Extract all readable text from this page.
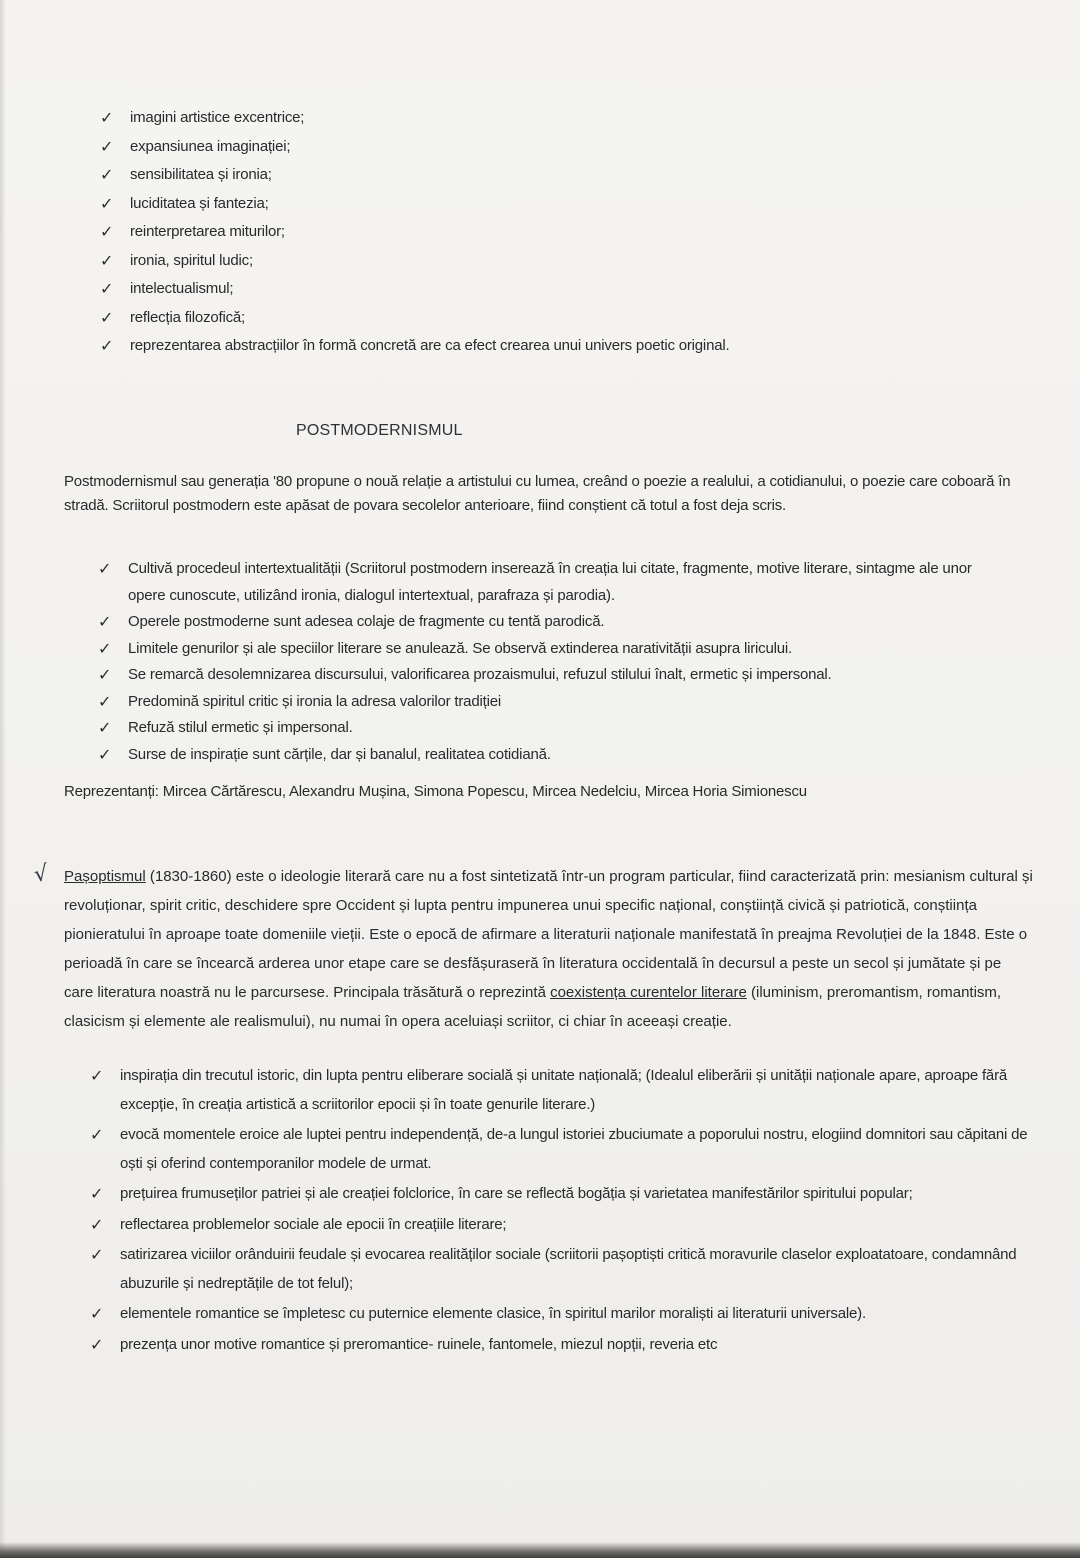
✓ imagini artistice excentrice;
✓ expansiunea imaginației;
✓ sensibilitatea și ironia;
✓ luciditatea și fantezia;
✓ reinterpretarea miturilor;
✓ ironia, spiritul ludic;
✓ intelectualismul;
✓ reflecția filozofică;
✓ reprezentarea abstracțiilor în formă concretă are ca efect crearea unui univers poetic original.
POSTMODERNISMUL

Postmodernismul sau generația '80 propune o nouă relație a artistului cu lumea, creând o poezie a realului, a cotidianului, o poezie care coboară în stradă. Scriitorul postmodern este apăsat de povara secolelor anterioare, fiind conștient că totul a fost deja scris.

✓ Cultivă procedeul intertextualității (Scriitorul postmodern inserează în creația lui citate, fragmente, motive literare, sintagme ale unor opere cunoscute, utilizând ironia, dialogul intertextual, parafraza și parodia).
✓ Operele postmoderne sunt adesea colaje de fragmente cu tentă parodică.
✓ Limitele genurilor și ale speciilor literare se anulează. Se observă extinderea narativității asupra liricului.
✓ Se remarcă desolemnizarea discursului, valorificarea prozaismului, refuzul stilului înalt, ermetic și impersonal.
✓ Predomină spiritul critic și ironia la adresa valorilor tradiției
✓ Refuză stilul ermetic și impersonal.
✓ Surse de inspirație sunt cărțile, dar și banalul, realitatea cotidiană.

Reprezentanți: Mircea Cărtărescu, Alexandru Mușina, Simona Popescu, Mircea Nedelciu, Mircea Horia Simionescu

√ Pașoptismul (1830-1860) este o ideologie literară care nu a fost sintetizată într-un program particular, fiind caracterizată prin: mesianism cultural și revoluționar, spirit critic, deschidere spre Occident și lupta pentru impunerea unui specific național, conștiință civică și patriotică, conștiința pionieratului în aproape toate domeniile vieții. Este o epocă de afirmare a literaturii naționale manifestată în preajma Revoluției de la 1848. Este o perioadă în care se încearcă arderea unor etape care se desfășuraseră în literatura occidentală în decursul a peste un secol și jumătate și pe care literatura noastră nu le parcursese. Principala trăsătură o reprezintă coexistența curentelor literare (iluminism, preromantism, romantism, clasicism și elemente ale realismului), nu numai în opera aceluiași scriitor, ci chiar în aceeași creație.

✓ inspirația din trecutul istoric, din lupta pentru eliberare socială și unitate națională; (Idealul eliberării și unității naționale apare, aproape fără excepție, în creația artistică a scriitorilor epocii și în toate genurile literare.)
✓ evocă momentele eroice ale luptei pentru independență, de-a lungul istoriei zbuciumate a poporului nostru, elogiind domnitori sau căpitani de oști și oferind contemporanilor modele de urmat.
✓ prețuirea frumuseților patriei și ale creației folclorice, în care se reflectă bogăția și varietatea manifestărilor spiritului popular;
✓ reflectarea problemelor sociale ale epocii în creațiile literare;
✓ satirizarea viciilor orânduirii feudale și evocarea realităților sociale (scriitorii pașoptiști critică moravurile claselor exploatatoare, condamnând abuzurile și nedreptățile de tot felul);
✓ elementele romantice se împletesc cu puternice elemente clasice, în spiritul marilor moraliști ai literaturii universale).
✓ prezența unor motive romantice și preromantice- ruinele, fantomele, miezul nopții, reveria etc
